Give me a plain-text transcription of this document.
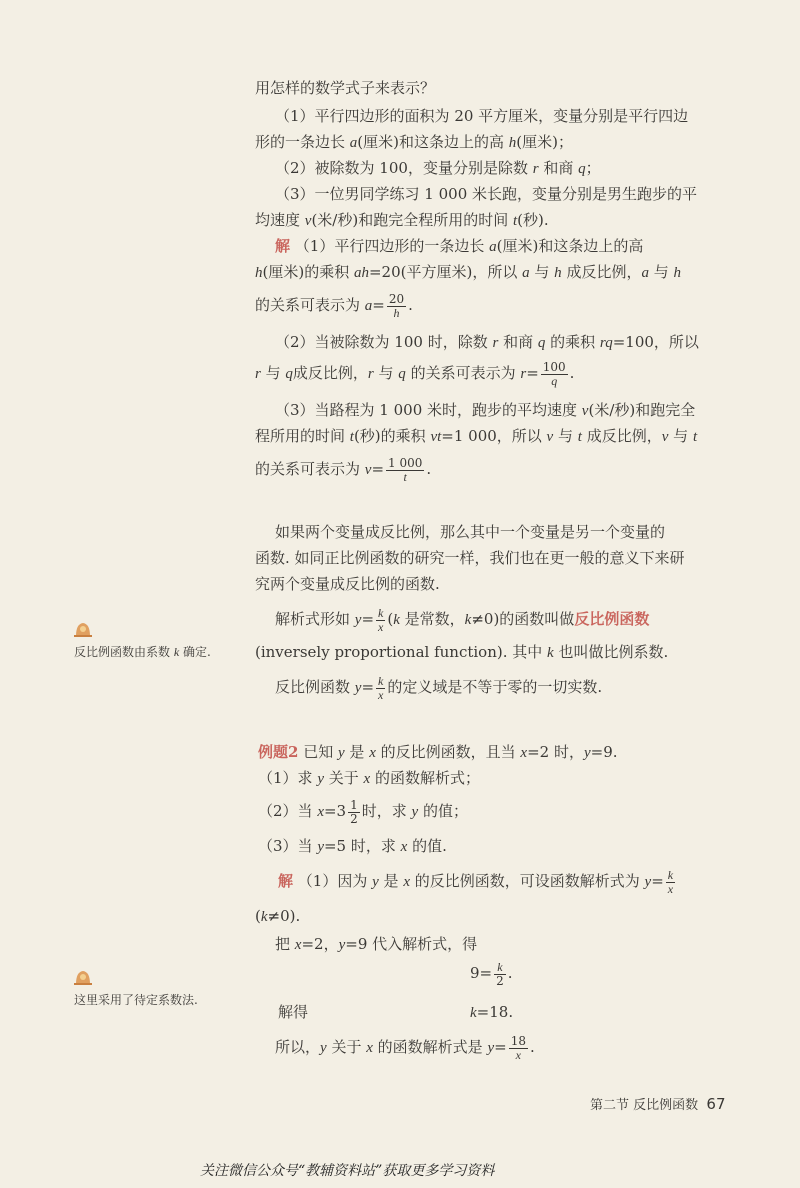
用怎样的数学式子来表示？
（1）平行四边形的面积为 20 平方厘米，变量分别是平行四边
形的一条边长 a(厘米)和这条边上的高 h(厘米)；
（2）被除数为 100，变量分别是除数 r 和商 q；
（3）一位男同学练习 1 000 米长跑，变量分别是男生跑步的平
均速度 v(米/秒)和跑完全程所用的时间 t(秒).
解 （1）平行四边形的一条边长 a(厘米)和这条边上的高
h(厘米)的乘积 ah=20(平方厘米)，所以 a 与 h 成反比例，a 与 h
的关系可表示为 $a= \frac{20}{h}$ .
（2）当被除数为 100 时，除数 r 和商 q 的乘积 rq=100，所以
r 与 q成反比例，r 与 q 的关系可表示为 $r= \frac{100}{q}$ .
（3）当路程为 1 000 米时，跑步的平均速度 v(米/秒)和跑完全
程所用的时间 t(秒)的乘积 vt=1 000，所以 v 与 t 成反比例，v 与 t
的关系可表示为 $v= \frac{1 000}{t}$ .
如果两个变量成反比例，那么其中一个变量是另一个变量的
函数. 如同正比例函数的研究一样，我们也在更一般的意义下来研
究两个变量成反比例的函数.
解析式形如 $y= \frac{k}{x} (k$ 是常数，k≠0)的函数叫做反比例函数
(inversely proportional function). 其中 k 也叫做比例系数.
反比例函数 $y= \frac{k}{x}$ 的定义域是不等于零的一切实数.
反比例函数由系数 k 确定.
例题2 已知 y 是 x 的反比例函数，且当 x=2 时，y=9.
（1）求 y 关于 x 的函数解析式；
（2）当 $x=3 \frac{1}{2}$ 时，求 y 的值；
（3）当 y=5 时，求 x 的值.
解 （1）因为 y 是 x 的反比例函数，可设函数解析式为 $y= \frac{k}{x}$
(k≠0).
把 x=2，y=9 代入解析式，得
$9= \frac{k}{2}$ .
解得	k=18.
所以，y 关于 x 的函数解析式是 $y= \frac{18}{x}$ .
这里采用了待定系数法.
第二节 反比例函数 67
关注微信公众号“教辅资料站”获取更多学习资料
